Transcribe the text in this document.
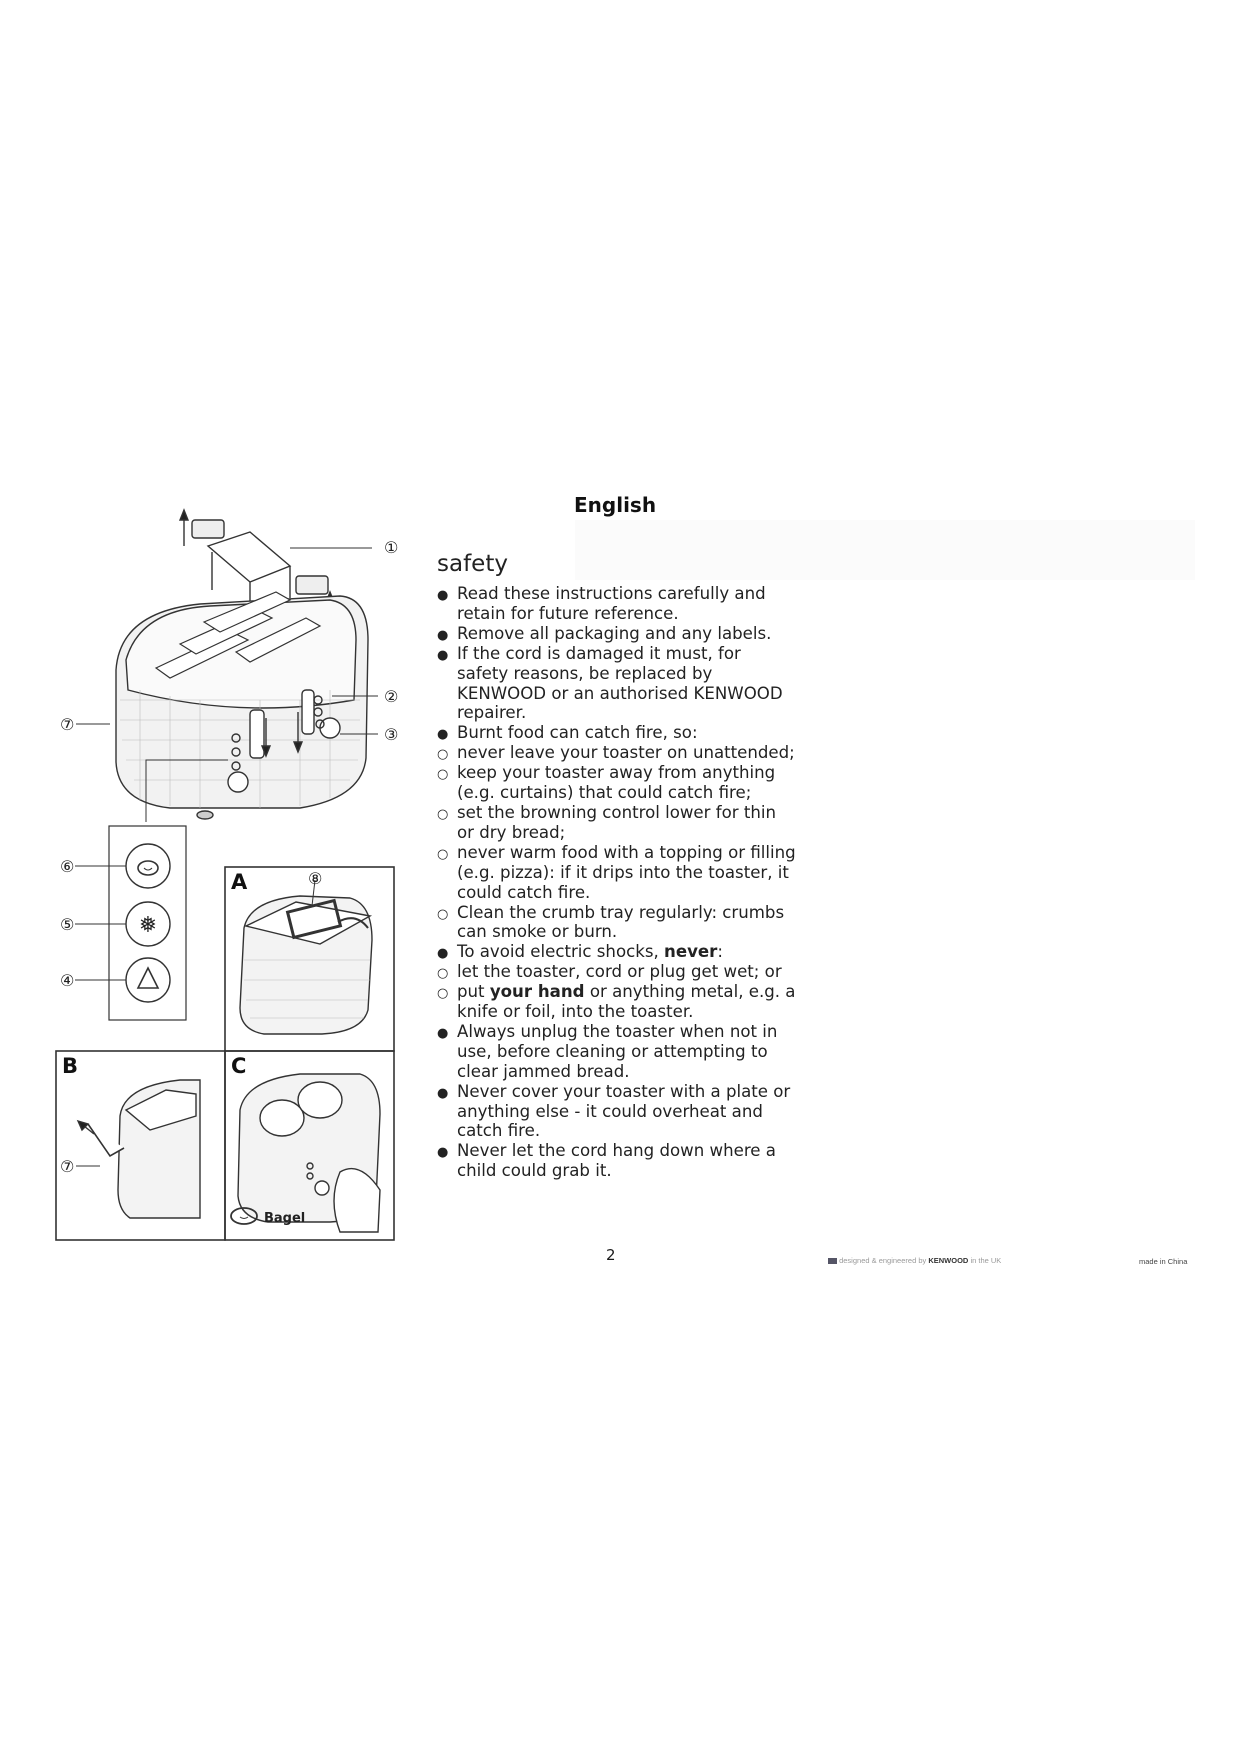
English
safety
●
Read these instructions carefully and retain for future reference.
●
Remove all packaging and any labels.
●
If the cord is damaged it must, for safety reasons, be replaced by KENWOOD or an authorised KENWOOD repairer.
●
Burnt food can catch fire, so:
○
never leave your toaster on unattended;
○
keep your toaster away from anything (e.g. curtains) that could catch fire;
○
set the browning control lower for thin or dry bread;
○
never warm food with a topping or filling (e.g. pizza): if it drips into the toaster, it could catch fire.
○
Clean the crumb tray regularly: crumbs can smoke or burn.
●
To avoid electric shocks, never:
○
let the toaster, cord or plug get wet; or
○
put your hand or anything metal, e.g. a knife or foil, into the toaster.
●
Always unplug the toaster when not in use, before cleaning or attempting to clear jammed bread.
●
Never cover your toaster with a plate or anything else - it could overheat and catch fire.
●
Never let the cord hang down where a child could grab it.
❅
①
②
③
④
⑤
⑥
⑦
⑦
⑧
A
B	C
Bagel
2	designed & engineered by KENWOOD in the UK	made in China
